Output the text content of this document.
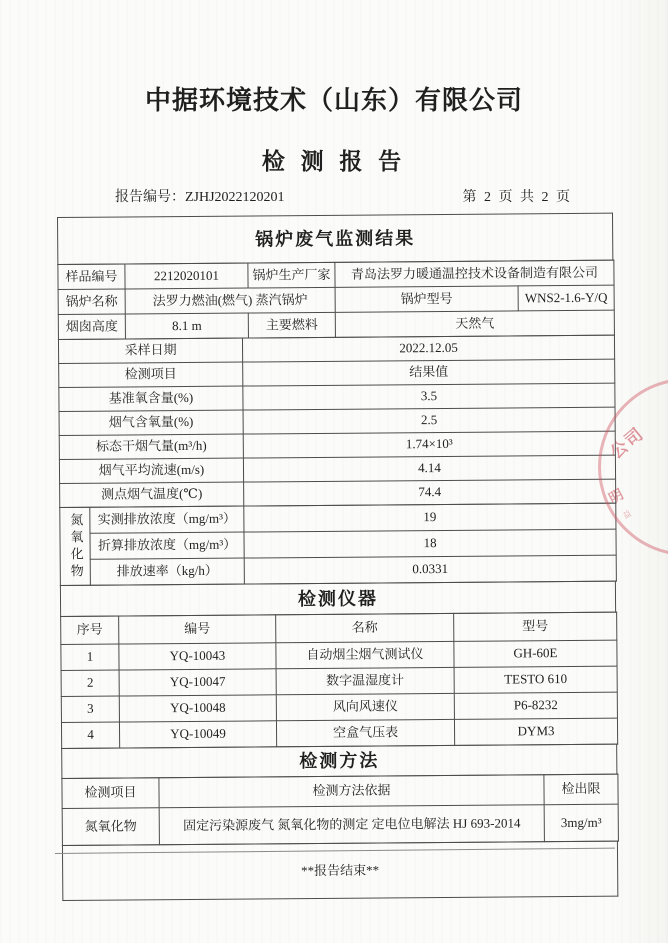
中据环境技术（山东）有限公司
检 测 报 告
报告编号：ZJHJ2022120201	第 2 页 共 2 页
锅炉废气监测结果
样品编号	2212020101	锅炉生产厂家	青岛法罗力暖通温控技术设备制造有限公司	
锅炉名称	法罗力燃油(燃气) 蒸汽锅炉		锅炉型号	WNS2-1.6-Y/Q
烟囱高度	8.1 m	主要燃料	天然气	
采样日期	2022.12.05
检测项目	结果值
基准氧含量(%)	3.5
烟气含氧量(%)	2.5
标态干烟气量(m³/h)	1.74×10³
烟气平均流速(m/s)	4.14
测点烟气温度(℃)	74.4
氮氧化物	实测排放浓度（mg/m³）	19
	折算排放浓度（mg/m³）	18
	排放速率（kg/h）	0.0331
检测仪器
序号	编号	名称	型号
1	YQ-10043	自动烟尘烟气测试仪	GH-60E
2	YQ-10047	数字温湿度计	TESTO 610
3	YQ-10048	风向风速仪	P6-8232
4	YQ-10049	空盒气压表	DYM3
检测方法
检测项目	检测方法依据	检出限
氮氧化物	固定污染源废气 氮氧化物的测定 定电位电解法 HJ 693-2014	3mg/m³
**报告结束**
公司
明
益
